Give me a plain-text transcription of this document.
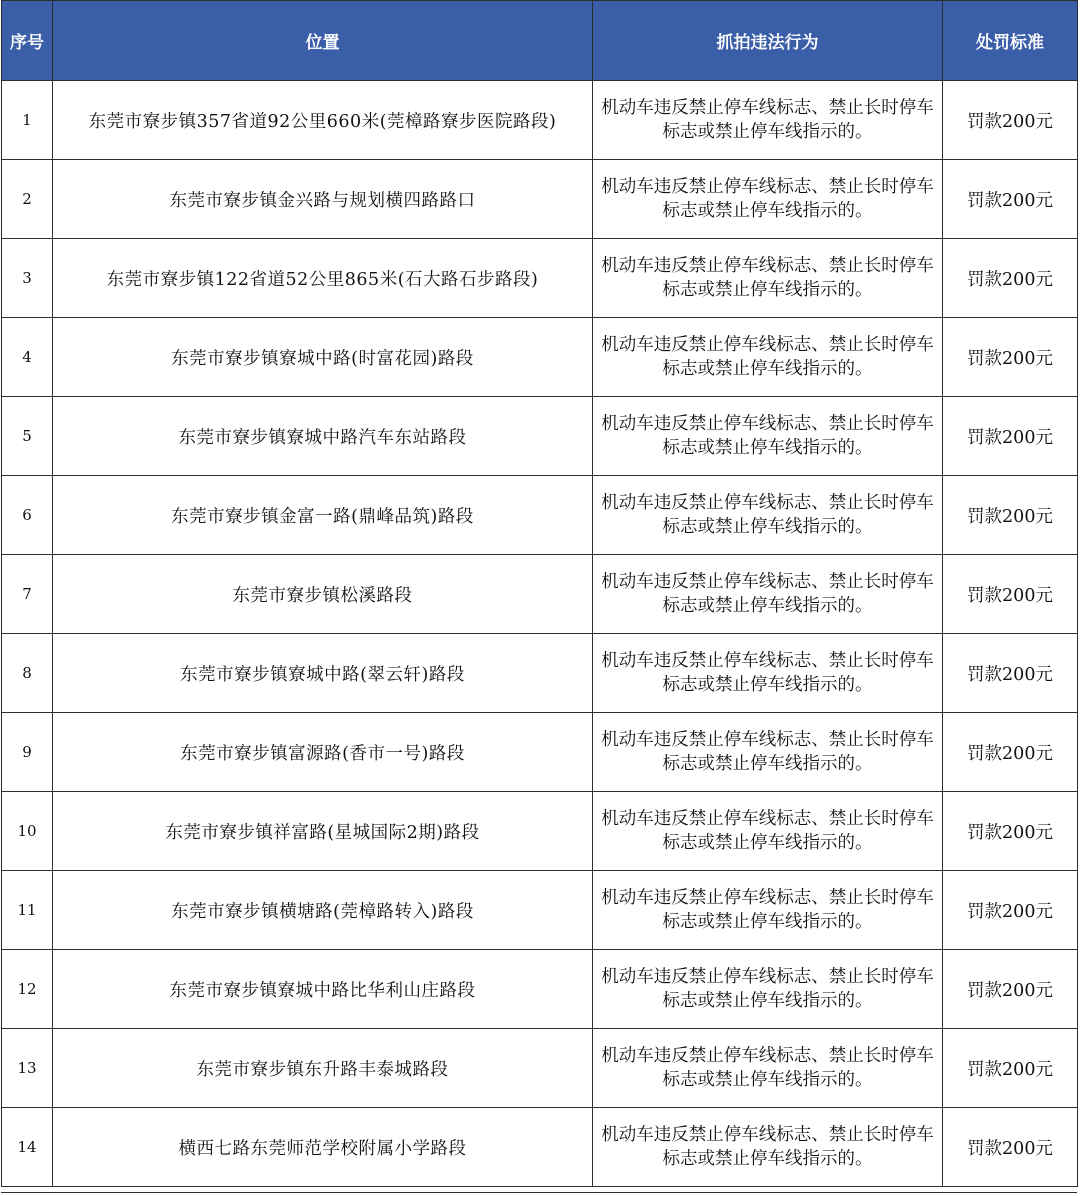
序号	位置	抓拍违法行为	处罚标准
1	东莞市寮步镇357省道92公里660米(莞樟路寮步医院路段)	机动车违反禁止停车线标志、禁止长时停车标志或禁止停车线指示的。	罚款200元
2	东莞市寮步镇金兴路与规划横四路路口	机动车违反禁止停车线标志、禁止长时停车标志或禁止停车线指示的。	罚款200元
3	东莞市寮步镇122省道52公里865米(石大路石步路段)	机动车违反禁止停车线标志、禁止长时停车标志或禁止停车线指示的。	罚款200元
4	东莞市寮步镇寮城中路(时富花园)路段	机动车违反禁止停车线标志、禁止长时停车标志或禁止停车线指示的。	罚款200元
5	东莞市寮步镇寮城中路汽车东站路段	机动车违反禁止停车线标志、禁止长时停车标志或禁止停车线指示的。	罚款200元
6	东莞市寮步镇金富一路(鼎峰品筑)路段	机动车违反禁止停车线标志、禁止长时停车标志或禁止停车线指示的。	罚款200元
7	东莞市寮步镇松溪路段	机动车违反禁止停车线标志、禁止长时停车标志或禁止停车线指示的。	罚款200元
8	东莞市寮步镇寮城中路(翠云轩)路段	机动车违反禁止停车线标志、禁止长时停车标志或禁止停车线指示的。	罚款200元
9	东莞市寮步镇富源路(香市一号)路段	机动车违反禁止停车线标志、禁止长时停车标志或禁止停车线指示的。	罚款200元
10	东莞市寮步镇祥富路(星城国际2期)路段	机动车违反禁止停车线标志、禁止长时停车标志或禁止停车线指示的。	罚款200元
11	东莞市寮步镇横塘路(莞樟路转入)路段	机动车违反禁止停车线标志、禁止长时停车标志或禁止停车线指示的。	罚款200元
12	东莞市寮步镇寮城中路比华利山庄路段	机动车违反禁止停车线标志、禁止长时停车标志或禁止停车线指示的。	罚款200元
13	东莞市寮步镇东升路丰泰城路段	机动车违反禁止停车线标志、禁止长时停车标志或禁止停车线指示的。	罚款200元
14	横西七路东莞师范学校附属小学路段	机动车违反禁止停车线标志、禁止长时停车标志或禁止停车线指示的。	罚款200元
